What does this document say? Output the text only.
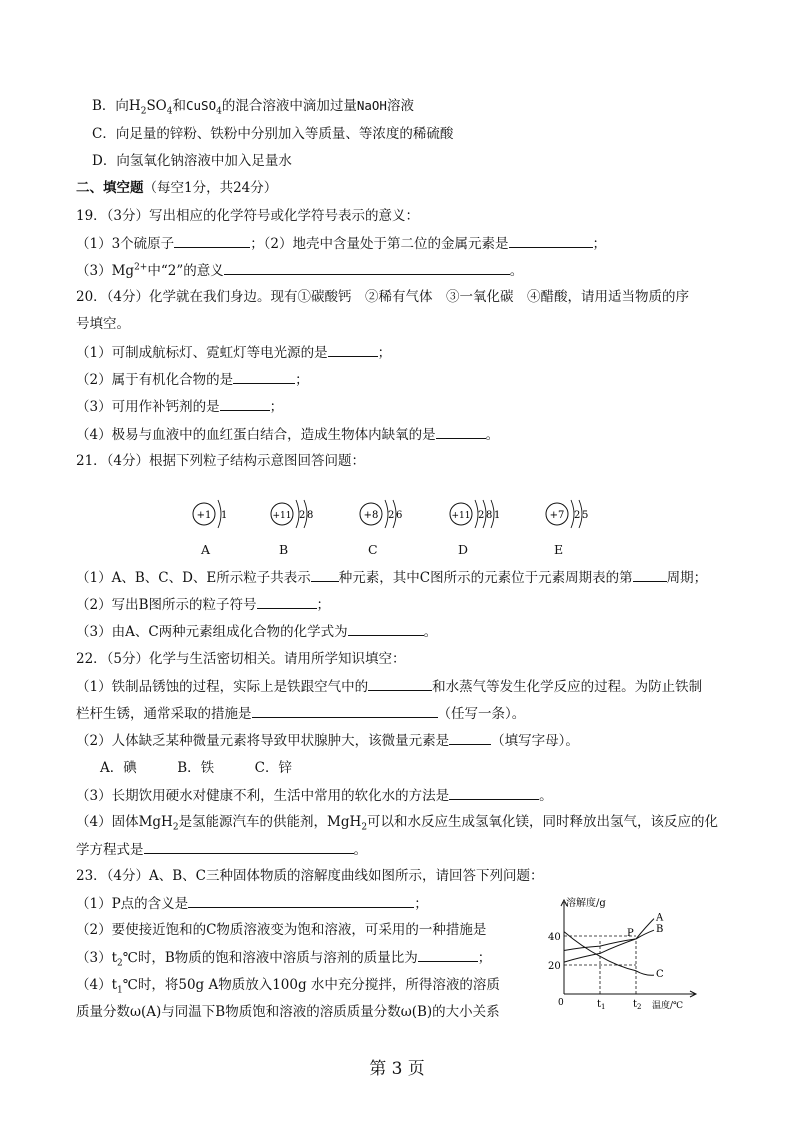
B．向$H_2SO_4$和CuSO$_4$的混合溶液中滴加过量NaOH溶液
C．向足量的锌粉、铁粉中分别加入等质量、等浓度的稀硫酸
D．向氢氧化钠溶液中加入足量水
二、填空题（每空1分，共24分）
19．（3分）写出相应的化学符号或化学符号表示的意义：
（1）3个硫原子	；（2）地壳中含量处于第二位的金属元素是	；
$(3)Mg^{2+}$中“2”的意义	。
20．（4分）化学就在我们身边。现有①碳酸钙　②稀有气体　③一氧化碳　④醋酸，请用适当物质的序
号填空。
（1）可制成航标灯、霓虹灯等电光源的是	；
（2）属于有机化合物的是	；
（3）可用作补钙剂的是	；
（4）极易与血液中的血红蛋白结合，造成生物体内缺氧的是	。
21．（4分）根据下列粒子结构示意图回答问题：
+1 1
A
+11 2 8
B
+8 2 6
C
+11 2 8 1
D
+7 2 5
E
（1）A、B、C、D、E所示粒子共表示 种元素，其中C图所示的元素位于元素周期表的第	周期；
（2）写出B图所示的粒子符号	；
（3）由A、C两种元素组成化合物的化学式为	。
22．（5分）化学与生活密切相关。请用所学知识填空：
（1）铁制品锈蚀的过程，实际上是铁跟空气中的	和水蒸气等发生化学反应的过程。为防止铁制
栏杆生锈，通常采取的措施是	（任写一条）。
（2）人体缺乏某种微量元素将导致甲状腺肿大，该微量元素是	（填写字母）。
A．碘　　　B．铁　　　C．锌
（3）长期饮用硬水对健康不利，生活中常用的软化水的方法是	。
（4）固体MgH$_2$是氢能源汽车的供能剂，MgH$_2$可以和水反应生成氢氧化镁，同时释放出氢气，该反应的化
学方程式是	。
23．（4分）A、B、C三种固体物质的溶解度曲线如图所示，请回答下列问题：
（1）P点的含义是	；
（2）要使接近饱和的C物质溶液变为饱和溶液，可采用的一种措施是
$(3)t_2℃$时，B物质的饱和溶液中溶质与溶剂的质量比为	；
$(4)t_1℃$时，将50g A物质放入100g 水中充分搅拌，所得溶液的溶质
质量分数ω(A)与同温下B物质饱和溶液的溶质质量分数ω(B)的大小关系
溶解度/g
温度/℃
0
20
40
$t_1$	$t_2$
A
B
C
P
第 3 页
